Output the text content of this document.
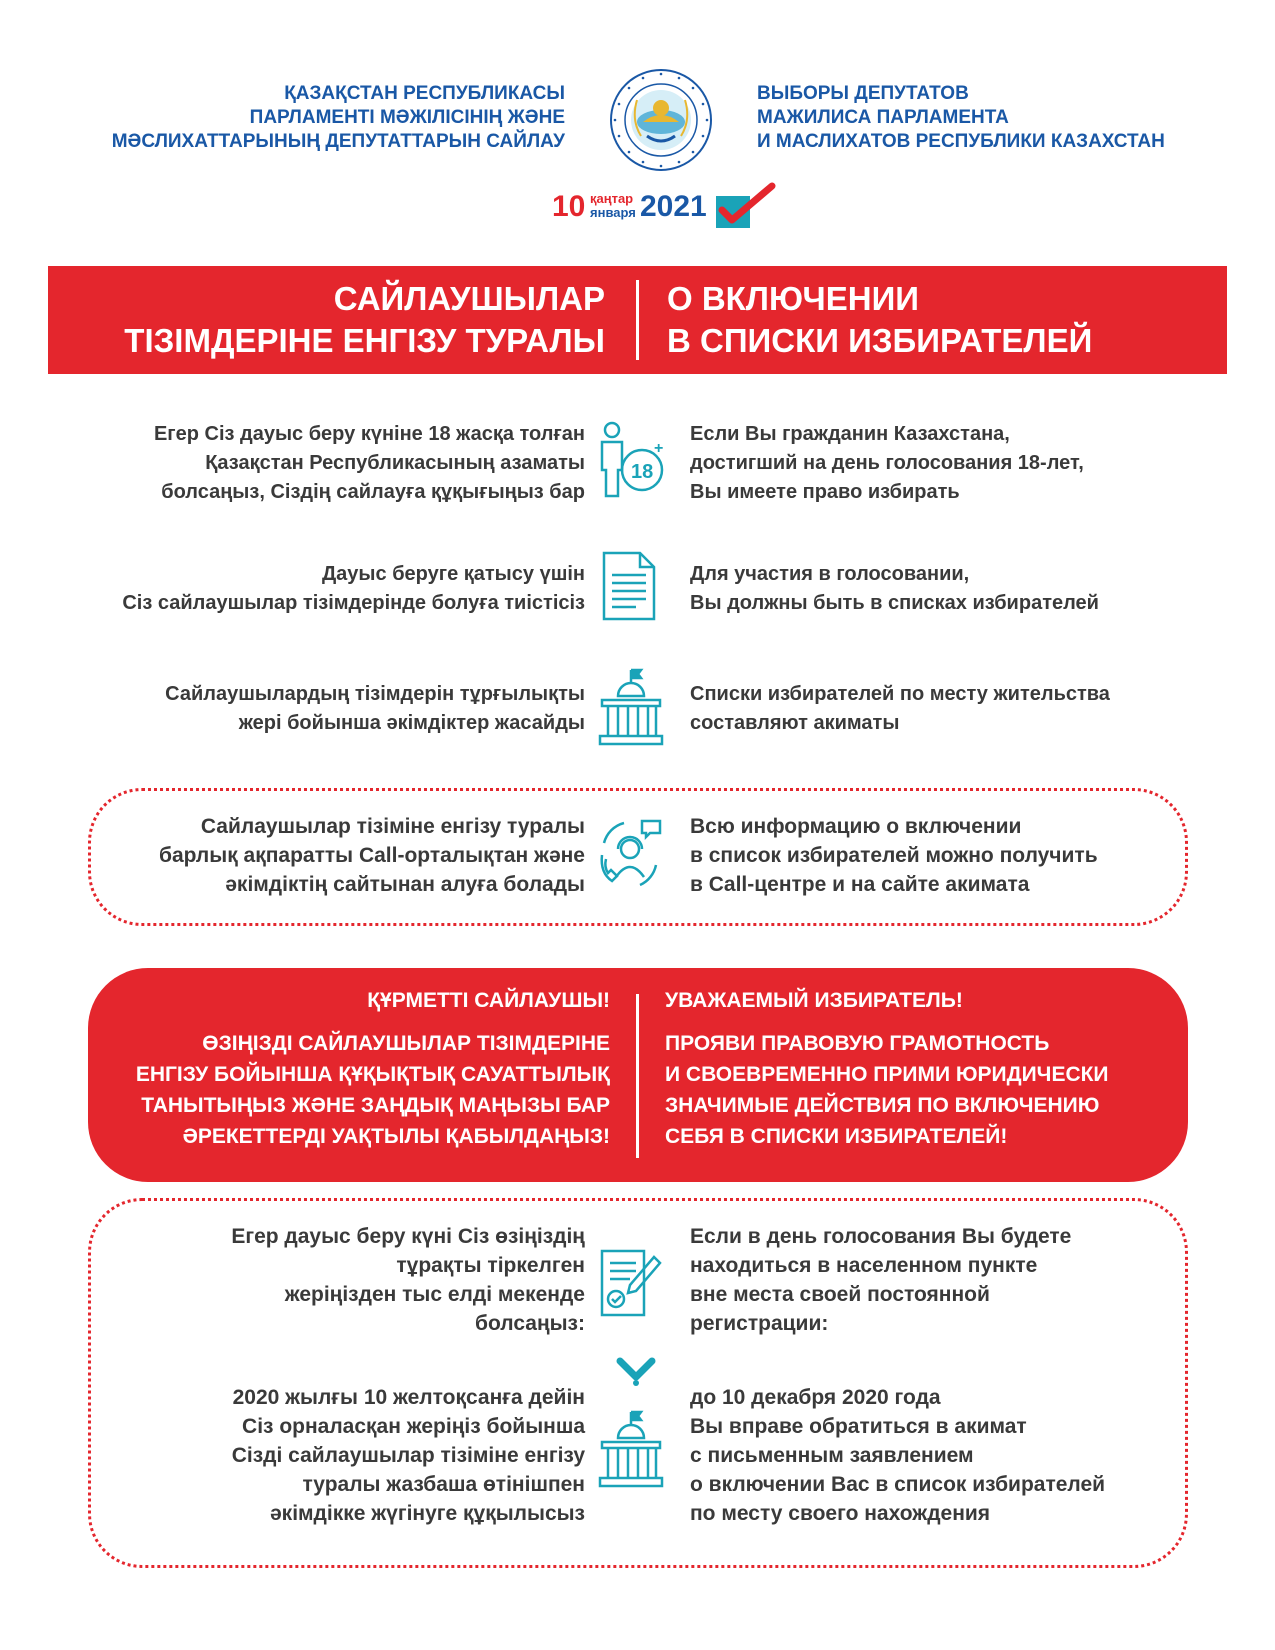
ҚАЗАҚСТАН РЕСПУБЛИКАСЫ
ПАРЛАМЕНТІ МӘЖІЛІСІНІҢ ЖӘНЕ
МӘСЛИХАТТАРЫНЫҢ ДЕПУТАТТАРЫН САЙЛАУ
ВЫБОРЫ ДЕПУТАТОВ
МАЖИЛИСА ПАРЛАМЕНТА
И МАСЛИХАТОВ РЕСПУБЛИКИ КАЗАХСТАН
10 қаңтар
января 2021
САЙЛАУШЫЛАР
ТІЗІМДЕРІНЕ ЕНГІЗУ ТУРАЛЫ
О ВКЛЮЧЕНИИ
В СПИСКИ ИЗБИРАТЕЛЕЙ
Егер Сіз дауыс беру күніне 18 жасқа толған
Қазақстан Республикасының азаматы
болсаңыз, Сіздің сайлауға құқығыңыз бар
18
+
Если Вы гражданин Казахстана,
достигший на день голосования 18-лет,
Вы имеете право избирать
Дауыс беруге қатысу үшін
Сіз сайлаушылар тізімдерінде болуға тиістісіз
Для участия в голосовании,
Вы должны быть в списках избирателей
Сайлаушылардың тізімдерін тұрғылықты
жері бойынша әкімдіктер жасайды
Списки избирателей по месту жительства
составляют акиматы
Сайлаушылар тізіміне енгізу туралы
барлық ақпаратты Call-орталықтан және
әкімдіктің сайтынан алуға болады
Всю информацию о включении
в список избирателей можно получить
в Call-центре и на сайте акимата
ҚҰРМЕТТІ САЙЛАУШЫ!
ӨЗІҢІЗДІ САЙЛАУШЫЛАР ТІЗІМДЕРІНЕ
ЕНГІЗУ БОЙЫНША ҚҰҚЫҚТЫҚ САУАТТЫЛЫҚ
ТАНЫТЫҢЫЗ ЖӘНЕ ЗАҢДЫҚ МАҢЫЗЫ БАР
ӘРЕКЕТТЕРДІ УАҚТЫЛЫ ҚАБЫЛДАҢЫЗ!
УВАЖАЕМЫЙ ИЗБИРАТЕЛЬ!
ПРОЯВИ ПРАВОВУЮ ГРАМОТНОСТЬ
И СВОЕВРЕМЕННО ПРИМИ ЮРИДИЧЕСКИ
ЗНАЧИМЫЕ ДЕЙСТВИЯ ПО ВКЛЮЧЕНИЮ
СЕБЯ В СПИСКИ ИЗБИРАТЕЛЕЙ!
Егер дауыс беру күні Сіз өзіңіздің
тұрақты тіркелген
жеріңізден тыс елді мекенде
болсаңыз:
Если в день голосования Вы будете
находиться в населенном пункте
вне места своей постоянной
регистрации:
2020 жылғы 10 желтоқсанға дейін
Сіз орналасқан жеріңіз бойынша
Сізді сайлаушылар тізіміне енгізу
туралы жазбаша өтінішпен
әкімдікке жүгінуге құқылысыз
до 10 декабря 2020 года
Вы вправе обратиться в акимат
с письменным заявлением
о включении Вас в список избирателей
по месту своего нахождения
